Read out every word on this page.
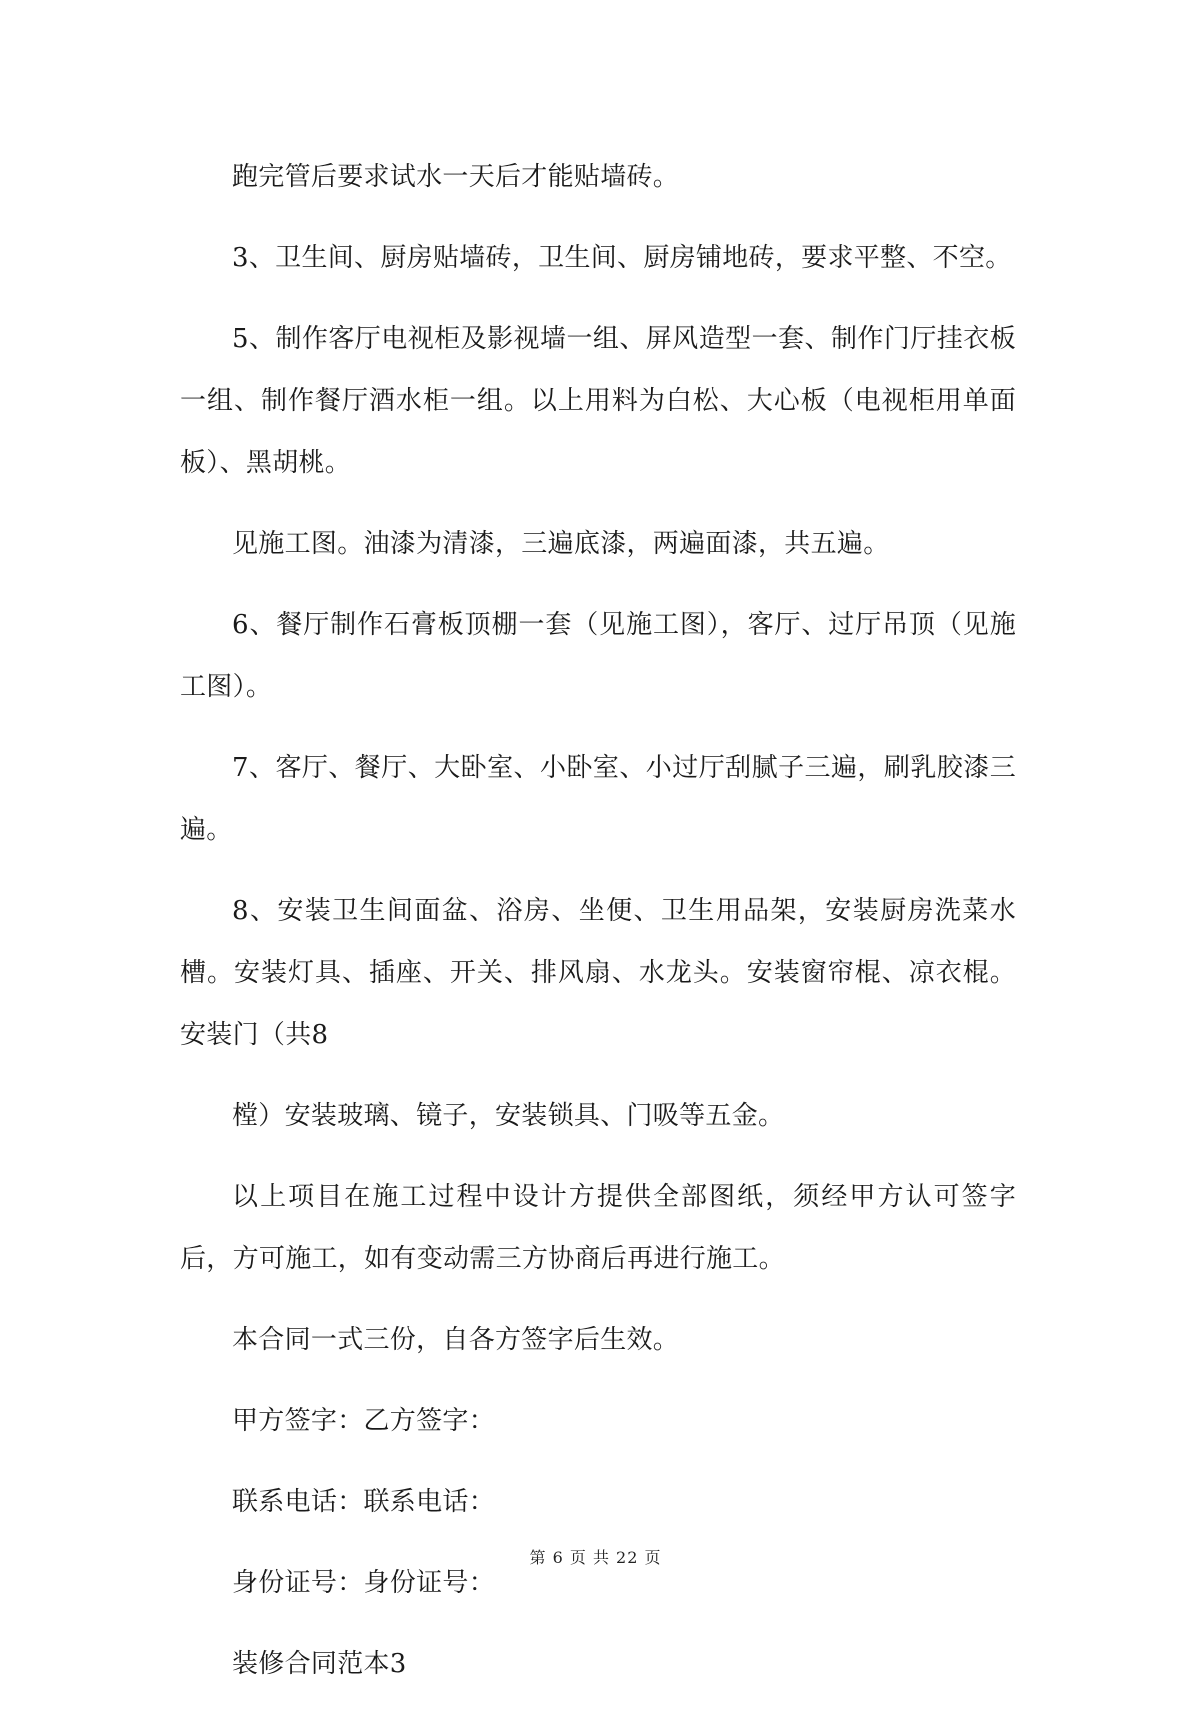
跑完管后要求试水一天后才能贴墙砖。

3、卫生间、厨房贴墙砖，卫生间、厨房铺地砖，要求平整、不空。

5、制作客厅电视柜及影视墙一组、屏风造型一套、制作门厅挂衣板一组、制作餐厅酒水柜一组。以上用料为白松、大心板（电视柜用单面板）、黑胡桃。

见施工图。油漆为清漆，三遍底漆，两遍面漆，共五遍。

6、餐厅制作石膏板顶棚一套（见施工图），客厅、过厅吊顶（见施工图）。

7、客厅、餐厅、大卧室、小卧室、小过厅刮腻子三遍，刷乳胶漆三遍。

8、安装卫生间面盆、浴房、坐便、卫生用品架，安装厨房洗菜水槽。安装灯具、插座、开关、排风扇、水龙头。安装窗帘棍、凉衣棍。安装门（共8

樘）安装玻璃、镜子，安装锁具、门吸等五金。

以上项目在施工过程中设计方提供全部图纸，须经甲方认可签字后，方可施工，如有变动需三方协商后再进行施工。

本合同一式三份，自各方签字后生效。

甲方签字：乙方签字：

联系电话：联系电话：

身份证号：身份证号：

装修合同范本3

第 6 页 共 22 页
